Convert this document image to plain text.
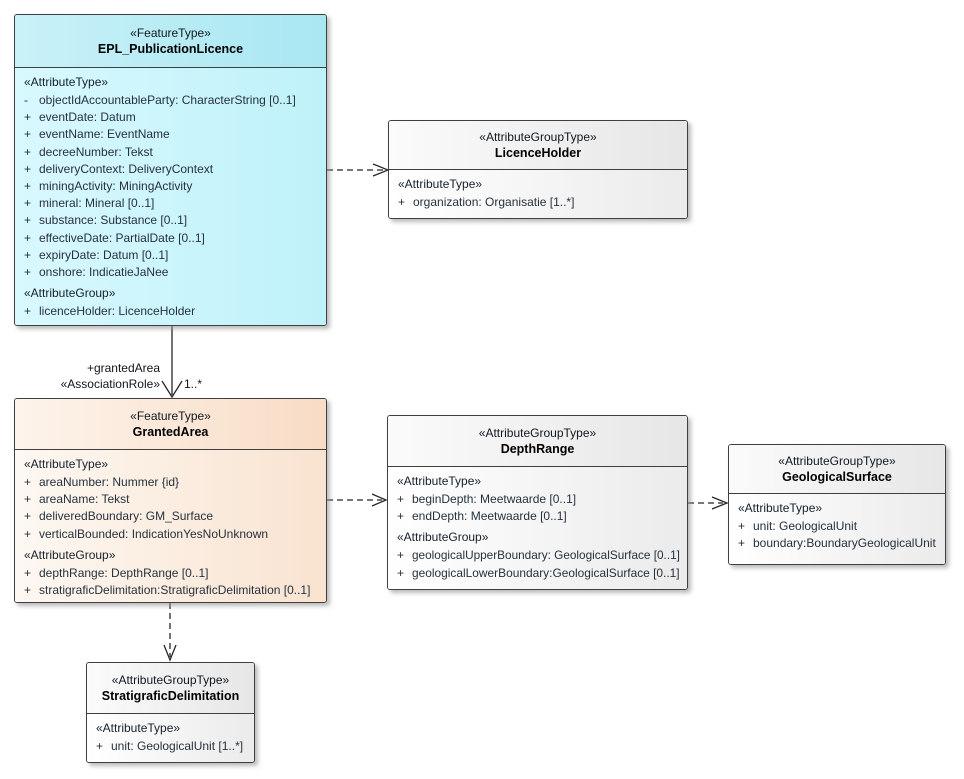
«FeatureType»
EPL_PublicationLicence
«AttributeType»
- objectIdAccountableParty: CharacterString [0..1]
+ eventDate: Datum
+ eventName: EventName
+ decreeNumber: Tekst
+ deliveryContext: DeliveryContext
+ miningActivity: MiningActivity
+ mineral: Mineral [0..1]
+ substance: Substance [0..1]
+ effectiveDate: PartialDate [0..1]
+ expiryDate: Datum [0..1]
+ onshore: IndicatieJaNee
«AttributeGroup»
+ licenceHolder: LicenceHolder
«AttributeGroupType»
LicenceHolder
«AttributeType»
+ organization: Organisatie [1..*]
«FeatureType»
GrantedArea
«AttributeType»
+ areaNumber: Nummer {id}
+ areaName: Tekst
+ deliveredBoundary: GM_Surface
+ verticalBounded: IndicationYesNoUnknown
«AttributeGroup»
+ depthRange: DepthRange [0..1]
+ stratigraficDelimitation:StratigraficDelimitation [0..1]
«AttributeGroupType»
DepthRange
«AttributeType»
+ beginDepth: Meetwaarde [0..1]
+ endDepth: Meetwaarde [0..1]
«AttributeGroup»
+ geologicalUpperBoundary: GeologicalSurface [0..1]
+ geologicalLowerBoundary:GeologicalSurface [0..1]
«AttributeGroupType»
GeologicalSurface
«AttributeType»
+ unit: GeologicalUnit
+ boundary:BoundaryGeologicalUnit
«AttributeGroupType»
StratigraficDelimitation
«AttributeType»
+ unit: GeologicalUnit [1..*]
+grantedArea
«AssociationRole» 1..*
